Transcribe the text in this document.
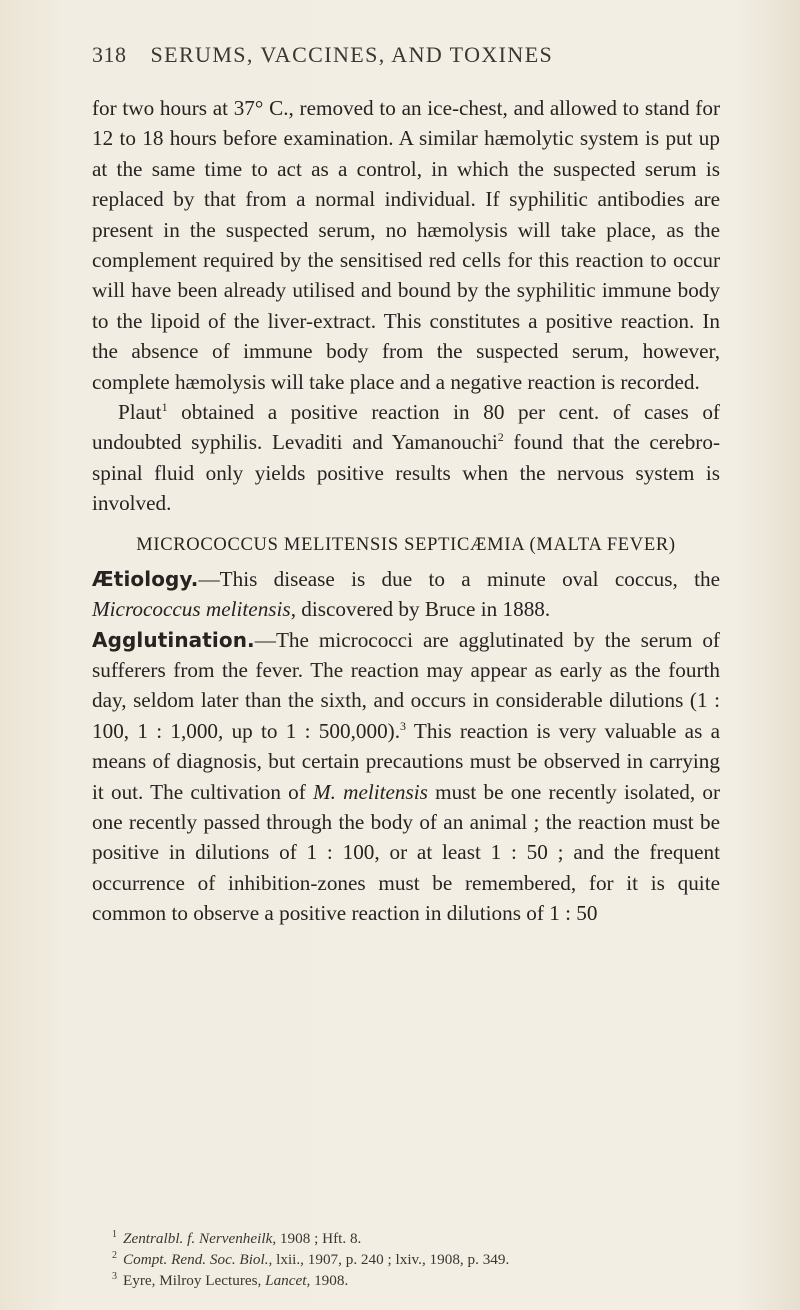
318 SERUMS, VACCINES, AND TOXINES

for two hours at 37° C., removed to an ice-chest, and allowed to stand for 12 to 18 hours before examination. A similar hæmolytic system is put up at the same time to act as a control, in which the suspected serum is replaced by that from a normal individual. If syphilitic antibodies are present in the suspected serum, no hæmolysis will take place, as the complement required by the sensitised red cells for this reaction to occur will have been already utilised and bound by the syphilitic immune body to the lipoid of the liver-extract. This constitutes a positive reaction. In the absence of immune body from the suspected serum, however, complete hæmolysis will take place and a negative reaction is recorded.

Plaut$^1$ obtained a positive reaction in 80 per cent. of cases of undoubted syphilis. Levaditi and Yamanouchi$^2$ found that the cerebro-spinal fluid only yields positive results when the nervous system is involved.

MICROCOCCUS MELITENSIS SEPTICÆMIA (MALTA FEVER)

Ætiology.—This disease is due to a minute oval coccus, the Micrococcus melitensis, discovered by Bruce in 1888.

Agglutination.—The micrococci are agglutinated by the serum of sufferers from the fever. The reaction may appear as early as the fourth day, seldom later than the sixth, and occurs in considerable dilutions (1 : 100, 1 : 1,000, up to 1 : 500,000).$^3$ This reaction is very valuable as a means of diagnosis, but certain precautions must be observed in carrying it out. The cultivation of M. melitensis must be one recently isolated, or one recently passed through the body of an animal ; the reaction must be positive in dilutions of 1 : 100, or at least 1 : 50 ; and the frequent occurrence of inhibition-zones must be remembered, for it is quite common to observe a positive reaction in dilutions of 1 : 50

$^1$ Zentralbl. f. Nervenheilk, 1908 ; Hft. 8.
$^2$ Compt. Rend. Soc. Biol., lxii., 1907, p. 240 ; lxiv., 1908, p. 349.
$^3$ Eyre, Milroy Lectures, Lancet, 1908.
